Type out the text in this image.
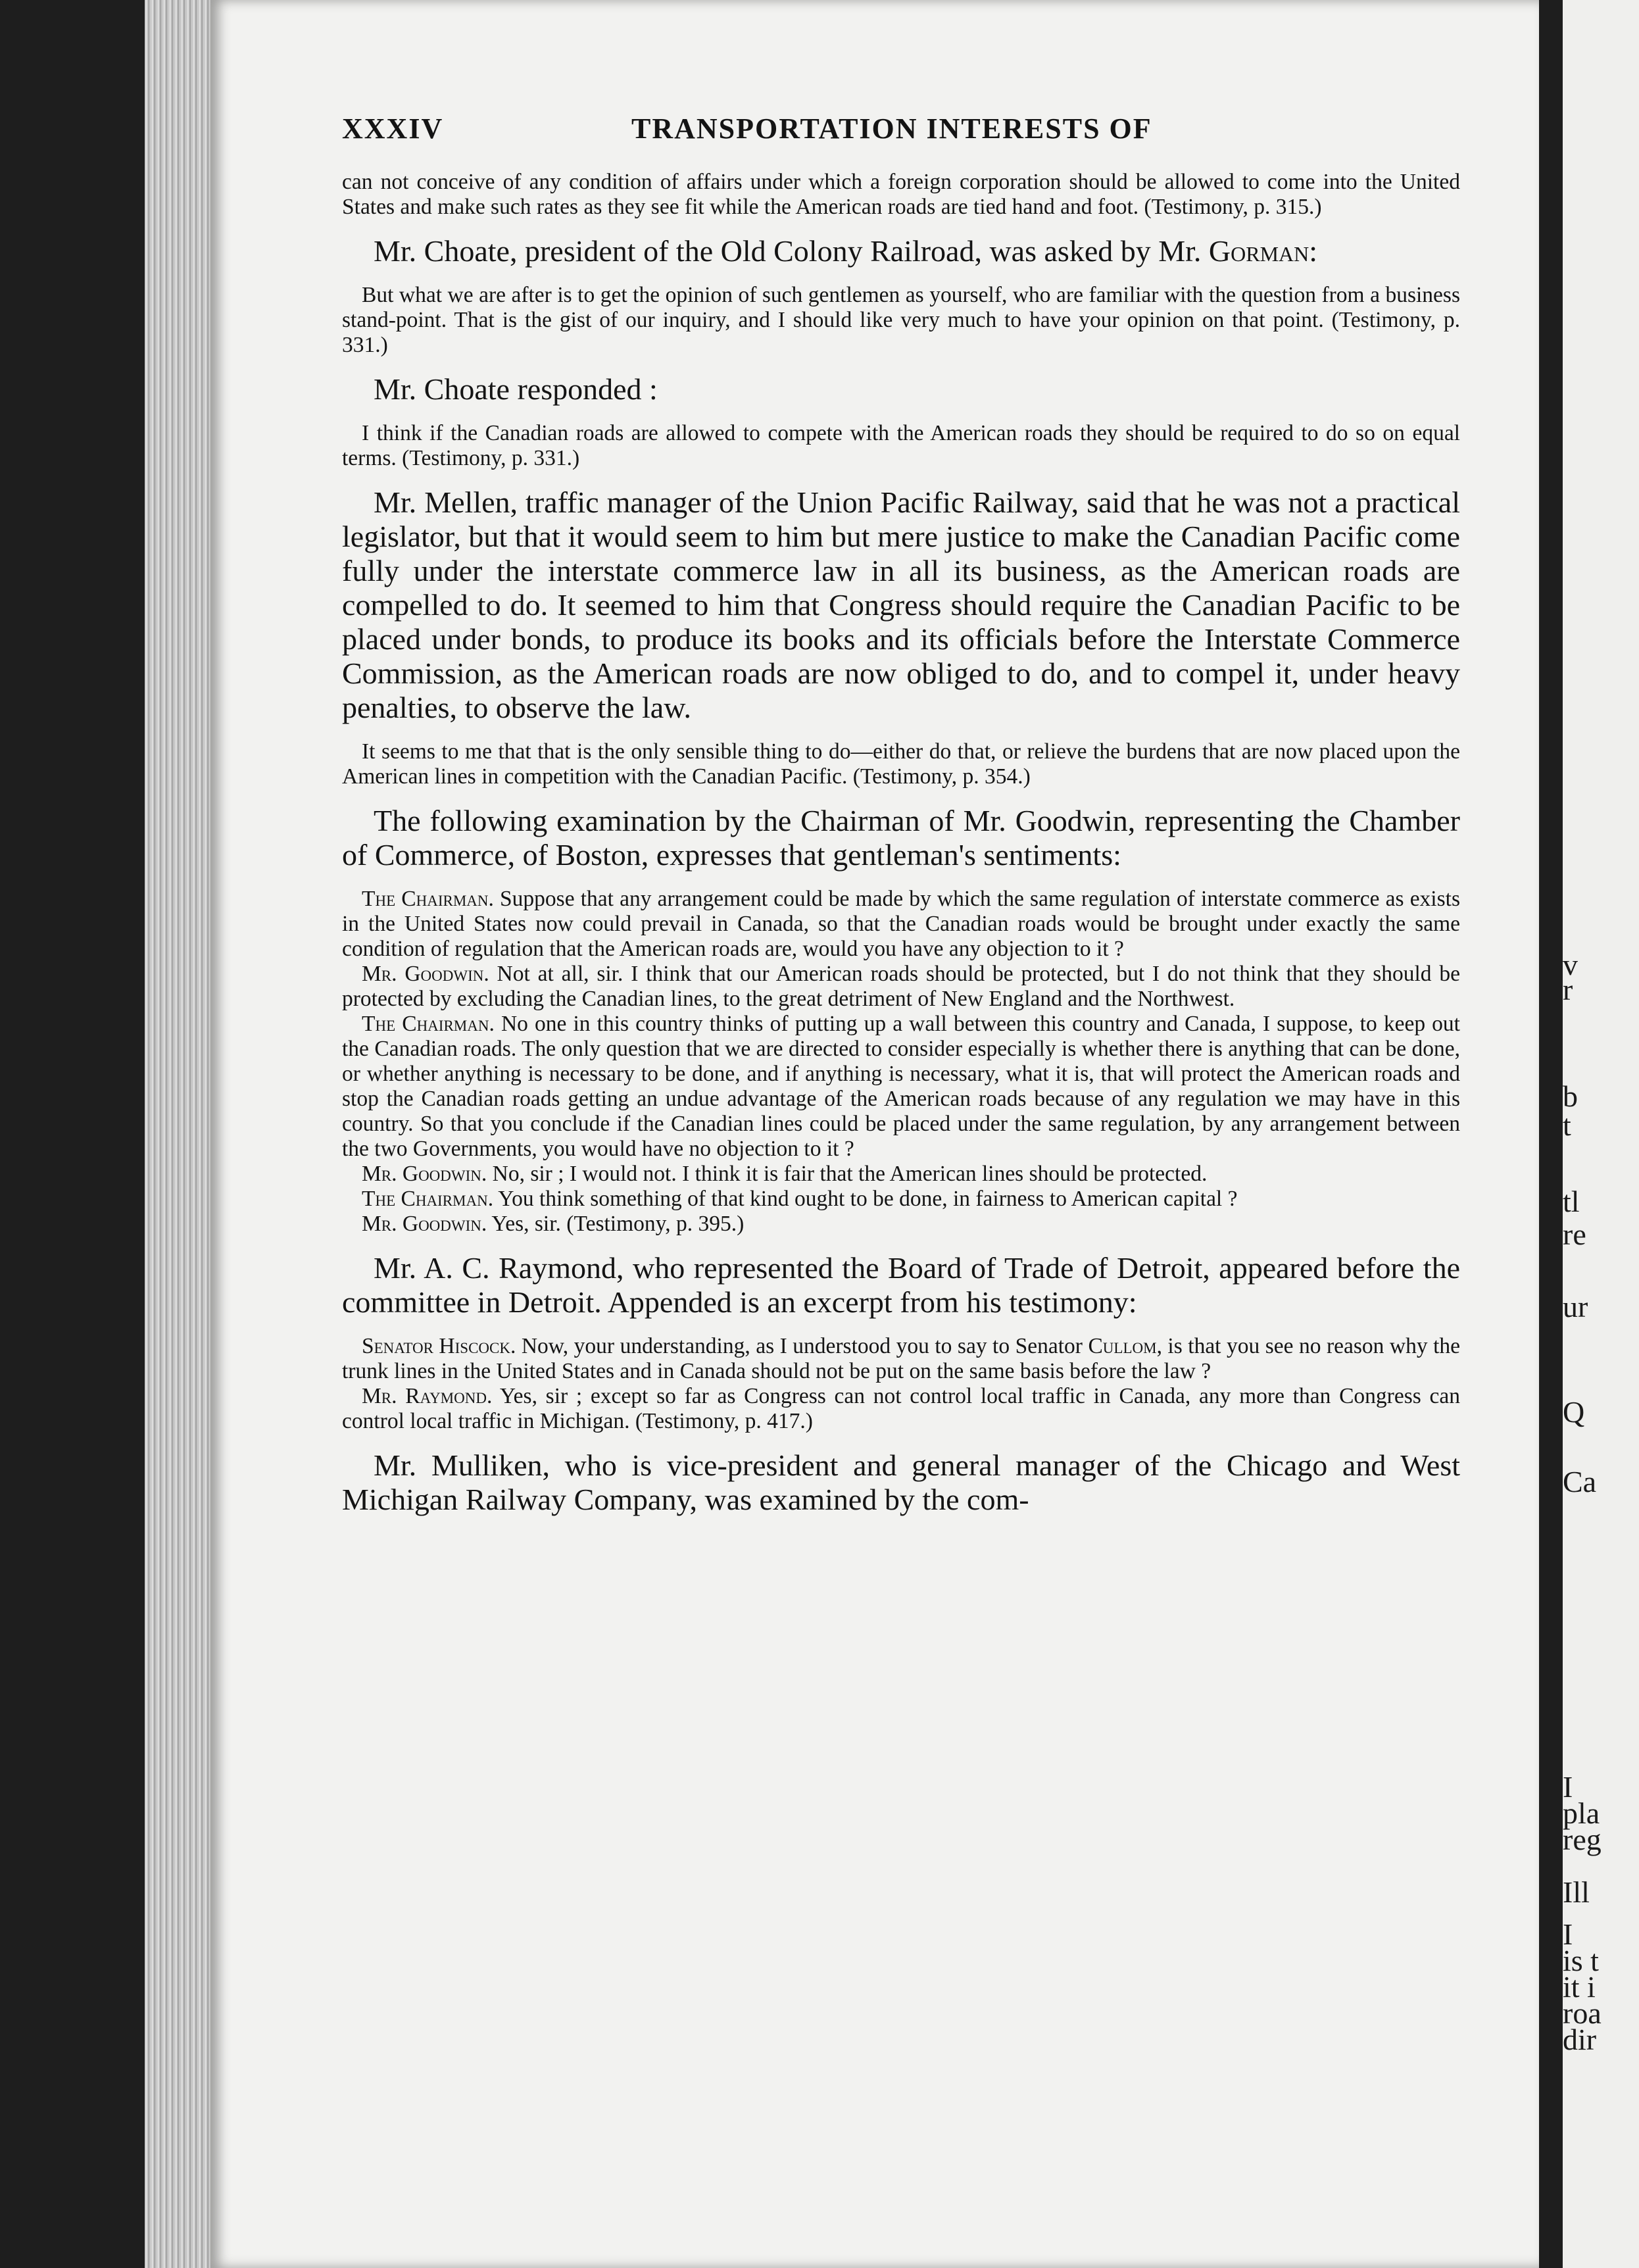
v
r
b
t
tl
re
ur
Q
Ca
I
pla
reg
Ill
I
is t
it i
roa
dir
XXXIV	TRANSPORTATION INTERESTS OF

can not conceive of any condition of affairs under which a foreign corporation should be allowed to come into the United States and make such rates as they see fit while the American roads are tied hand and foot. (Testimony, p. 315.)

Mr. Choate, president of the Old Colony Railroad, was asked by Mr. Gorman:

But what we are after is to get the opinion of such gentlemen as yourself, who are familiar with the question from a business stand-point. That is the gist of our inquiry, and I should like very much to have your opinion on that point. (Testimony, p. 331.)

Mr. Choate responded :

I think if the Canadian roads are allowed to compete with the American roads they should be required to do so on equal terms. (Testimony, p. 331.)

Mr. Mellen, traffic manager of the Union Pacific Railway, said that he was not a practical legislator, but that it would seem to him but mere justice to make the Canadian Pacific come fully under the interstate commerce law in all its business, as the American roads are compelled to do. It seemed to him that Congress should require the Canadian Pacific to be placed under bonds, to produce its books and its officials before the Interstate Commerce Commission, as the American roads are now obliged to do, and to compel it, under heavy penalties, to observe the law.

It seems to me that that is the only sensible thing to do—either do that, or relieve the burdens that are now placed upon the American lines in competition with the Canadian Pacific. (Testimony, p. 354.)

The following examination by the Chairman of Mr. Goodwin, representing the Chamber of Commerce, of Boston, expresses that gentleman's sentiments:

The Chairman. Suppose that any arrangement could be made by which the same regulation of interstate commerce as exists in the United States now could prevail in Canada, so that the Canadian roads would be brought under exactly the same condition of regulation that the American roads are, would you have any objection to it ?

Mr. Goodwin. Not at all, sir. I think that our American roads should be protected, but I do not think that they should be protected by excluding the Canadian lines, to the great detriment of New England and the Northwest.

The Chairman. No one in this country thinks of putting up a wall between this country and Canada, I suppose, to keep out the Canadian roads. The only question that we are directed to consider especially is whether there is anything that can be done, or whether anything is necessary to be done, and if anything is necessary, what it is, that will protect the American roads and stop the Canadian roads getting an undue advantage of the American roads because of any regulation we may have in this country. So that you conclude if the Canadian lines could be placed under the same regulation, by any arrangement between the two Governments, you would have no objection to it ?

Mr. Goodwin. No, sir ; I would not. I think it is fair that the American lines should be protected.

The Chairman. You think something of that kind ought to be done, in fairness to American capital ?

Mr. Goodwin. Yes, sir. (Testimony, p. 395.)

Mr. A. C. Raymond, who represented the Board of Trade of Detroit, appeared before the committee in Detroit. Appended is an excerpt from his testimony:

Senator Hiscock. Now, your understanding, as I understood you to say to Senator Cullom, is that you see no reason why the trunk lines in the United States and in Canada should not be put on the same basis before the law ?

Mr. Raymond. Yes, sir ; except so far as Congress can not control local traffic in Canada, any more than Congress can control local traffic in Michigan. (Testimony, p. 417.)

Mr. Mulliken, who is vice-president and general manager of the Chicago and West Michigan Railway Company, was examined by the com-
